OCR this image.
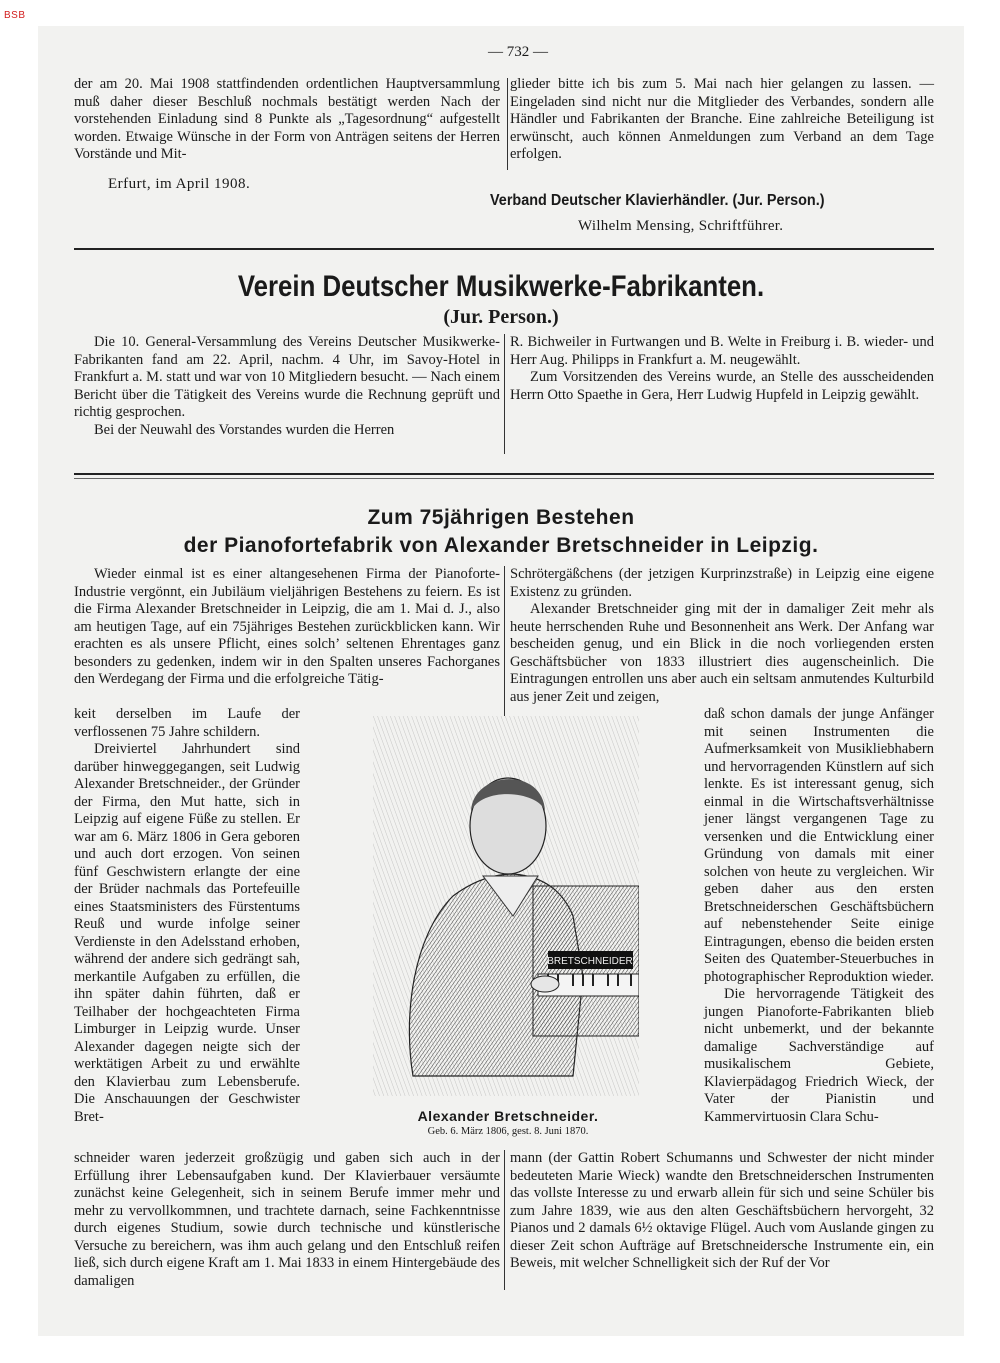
— 732 —

der am 20. Mai 1908 stattfindenden ordentlichen Hauptversammlung muß daher dieser Beschluß nochmals bestätigt werden Nach der vorstehenden Einladung sind 8 Punkte als „Tagesordnung“ aufgestellt worden. Etwaige Wünsche in der Form von Anträgen seitens der Herren Vorstände und Mit-

glieder bitte ich bis zum 5. Mai nach hier gelangen zu lassen. — Eingeladen sind nicht nur die Mitglieder des Verbandes, sondern alle Händler und Fabrikanten der Branche. Eine zahlreiche Beteiligung ist erwünscht, auch können Anmeldungen zum Verband an dem Tage erfolgen.

Erfurt, im April 1908.
Verband Deutscher Klavierhändler. (Jur. Person.)
Wilhelm Mensing, Schriftführer.
Verein Deutscher Musikwerke-Fabrikanten.
(Jur. Person.)

Die 10. General-Versammlung des Vereins Deutscher Musikwerke-Fabrikanten fand am 22. April, nachm. 4 Uhr, im Savoy-Hotel in Frankfurt a. M. statt und war von 10 Mitgliedern besucht. — Nach einem Bericht über die Tätigkeit des Vereins wurde die Rechnung geprüft und richtig gesprochen.

Bei der Neuwahl des Vorstandes wurden die Herren

R. Bichweiler in Furtwangen und B. Welte in Freiburg i. B. wieder- und Herr Aug. Philipps in Frankfurt a. M. neugewählt.

Zum Vorsitzenden des Vereins wurde, an Stelle des ausscheidenden Herrn Otto Spaethe in Gera, Herr Ludwig Hupfeld in Leipzig gewählt.

Zum 75jährigen Bestehen
der Pianofortefabrik von Alexander Bretschneider in Leipzig.

Wieder einmal ist es einer altangesehenen Firma der Pianoforte-Industrie vergönnt, ein Jubiläum vieljährigen Bestehens zu feiern. Es ist die Firma Alexander Bretschneider in Leipzig, die am 1. Mai d. J., also am heutigen Tage, auf ein 75jähriges Bestehen zurückblicken kann. Wir erachten es als unsere Pflicht, eines solch’ seltenen Ehrentages ganz besonders zu gedenken, indem wir in den Spalten unseres Fachorganes den Werdegang der Firma und die erfolgreiche Tätig-

keit derselben im Laufe der verflossenen 75 Jahre schildern.

Dreiviertel Jahrhundert sind darüber hinweggegangen, seit Ludwig Alexander Bretschneider., der Gründer der Firma, den Mut hatte, sich in Leipzig auf eigene Füße zu stellen. Er war am 6. März 1806 in Gera geboren und auch dort erzogen. Von seinen fünf Geschwistern erlangte der eine der Brüder nachmals das Portefeuille eines Staatsministers des Fürstentums Reuß und wurde infolge seiner Verdienste in den Adelsstand erhoben, während der andere sich gedrängt sah, merkantile Aufgaben zu erfüllen, die ihn später dahin führten, daß er Teilhaber der hochgeachteten Firma Limburger in Leipzig wurde. Unser Alexander dagegen neigte sich der werktätigen Arbeit zu und erwählte den Klavierbau zum Lebensberufe. Die Anschauungen der Geschwister Bret-

schneider waren jederzeit großzügig und gaben sich auch in der Erfüllung ihrer Lebensaufgaben kund. Der Klavierbauer versäumte zunächst keine Gelegenheit, sich in seinem Berufe immer mehr und mehr zu vervollkommnen, und trachtete darnach, seine Fachkenntnisse durch eigenes Studium, sowie durch technische und künstlerische Versuche zu bereichern, was ihm auch gelang und den Entschluß reifen ließ, sich durch eigene Kraft am 1. Mai 1833 in einem Hintergebäude des damaligen

Schrötergäßchens (der jetzigen Kurprinzstraße) in Leipzig eine eigene Existenz zu gründen.

Alexander Bretschneider ging mit der in damaliger Zeit mehr als heute herrschenden Ruhe und Besonnenheit ans Werk. Der Anfang war bescheiden genug, und ein Blick in die noch vorliegenden ersten Geschäftsbücher von 1833 illustriert dies augenscheinlich. Die Eintragungen entrollen uns aber auch ein seltsam anmutendes Kulturbild aus jener Zeit und zeigen,

daß schon damals der junge Anfänger mit seinen Instrumenten die Aufmerksamkeit von Musikliebhabern und hervorragenden Künstlern auf sich lenkte. Es ist interessant genug, sich einmal in die Wirtschaftsverhältnisse jener längst vergangenen Tage zu versenken und die Entwicklung einer Gründung von damals mit einer solchen von heute zu vergleichen. Wir geben daher aus den ersten Bretschneiderschen Geschäftsbüchern auf nebenstehender Seite einige Eintragungen, ebenso die beiden ersten Seiten des Quatember-Steuerbuches in photographischer Reproduktion wieder.

Die hervorragende Tätigkeit des jungen Pianoforte-Fabrikanten blieb nicht unbemerkt, und der bekannte damalige Sachverständige auf musikalischem Gebiete, Klavierpädagog Friedrich Wieck, der Vater der Pianistin und Kammervirtuosin Clara Schu-

mann (der Gattin Robert Schumanns und Schwester der nicht minder bedeuteten Marie Wieck) wandte den Bretschneiderschen Instrumenten das vollste Interesse zu und erwarb allein für sich und seine Schüler bis zum Jahre 1839, wie aus den alten Geschäftsbüchern hervorgeht, 32 Pianos und 2 damals 6½ oktavige Flügel. Auch vom Auslande gingen zu dieser Zeit schon Aufträge auf Bretschneidersche Instrumente ein, ein Beweis, mit welcher Schnelligkeit sich der Ruf der Vor

BRETSCHNEIDER
Alexander Bretschneider.
Geb. 6. März 1806, gest. 8. Juni 1870.
BSB
